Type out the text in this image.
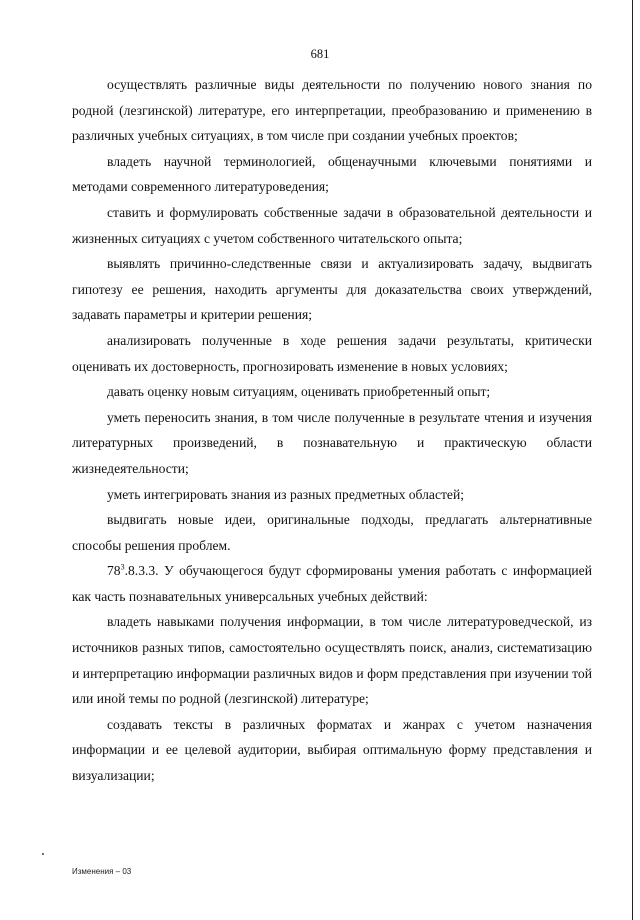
681

осуществлять различные виды деятельности по получению нового знания по родной (лезгинской) литературе, его интерпретации, преобразованию и применению в различных учебных ситуациях, в том числе при создании учебных проектов;

владеть научной терминологией, общенаучными ключевыми понятиями и методами современного литературоведения;

ставить и формулировать собственные задачи в образовательной деятельности и жизненных ситуациях с учетом собственного читательского опыта;

выявлять причинно-следственные связи и актуализировать задачу, выдвигать гипотезу ее решения, находить аргументы для доказательства своих утверждений, задавать параметры и критерии решения;

анализировать полученные в ходе решения задачи результаты, критически оценивать их достоверность, прогнозировать изменение в новых условиях;

давать оценку новым ситуациям, оценивать приобретенный опыт;

уметь переносить знания, в том числе полученные в результате чтения и изучения литературных произведений, в познавательную и практическую области жизнедеятельности;

уметь интегрировать знания из разных предметных областей;

выдвигать новые идеи, оригинальные подходы, предлагать альтернативные способы решения проблем.

$78^3.8.3.3$. У обучающегося будут сформированы умения работать с информацией как часть познавательных универсальных учебных действий:

владеть навыками получения информации, в том числе литературоведческой, из источников разных типов, самостоятельно осуществлять поиск, анализ, систематизацию и интерпретацию информации различных видов и форм представления при изучении той или иной темы по родной (лезгинской) литературе;

создавать тексты в различных форматах и жанрах с учетом назначения информации и ее целевой аудитории, выбирая оптимальную форму представления и визуализации;

Изменения – 03
